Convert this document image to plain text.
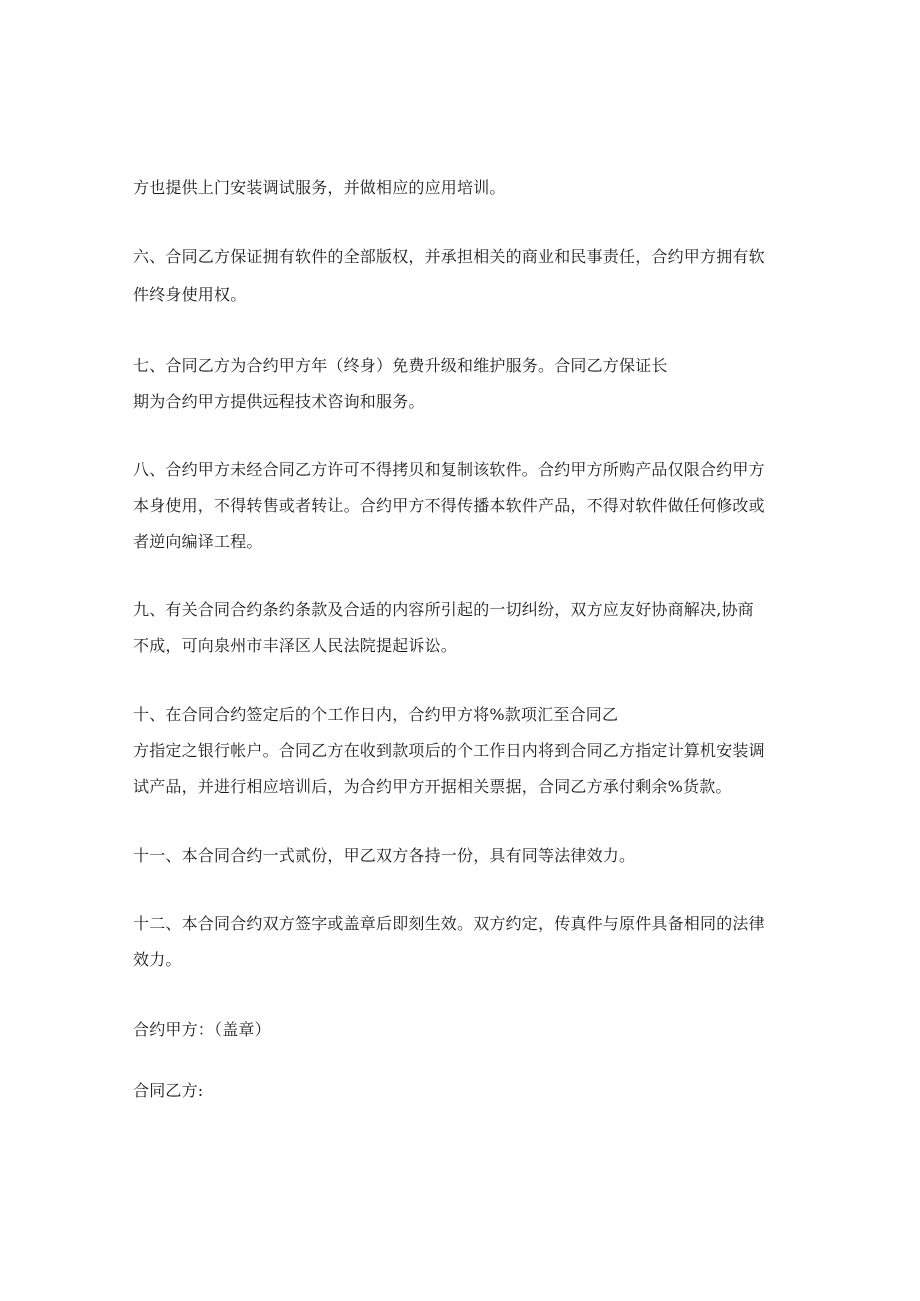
方也提供上门安装调试服务，并做相应的应用培训。
六、合同乙方保证拥有软件的全部版权，并承担相关的商业和民事责任，合约甲方拥有软
件终身使用权。
七、合同乙方为合约甲方年（终身）免费升级和维护服务。合同乙方保证长
期为合约甲方提供远程技术咨询和服务。
八、合约甲方未经合同乙方许可不得拷贝和复制该软件。合约甲方所购产品仅限合约甲方
本身使用，不得转售或者转让。合约甲方不得传播本软件产品，不得对软件做任何修改或
者逆向编译工程。
九、有关合同合约条约条款及合适的内容所引起的一切纠纷，双方应友好协商解决,协商
不成，可向泉州市丰泽区人民法院提起诉讼。
十、在合同合约签定后的个工作日内，合约甲方将%款项汇至合同乙
方指定之银行帐户。合同乙方在收到款项后的个工作日内将到合同乙方指定计算机安装调
试产品，并进行相应培训后，为合约甲方开据相关票据，合同乙方承付剩余%货款。
十一、本合同合约一式贰份，甲乙双方各持一份，具有同等法律效力。
十二、本合同合约双方签字或盖章后即刻生效。双方约定，传真件与原件具备相同的法律
效力。
合约甲方：（盖章）
合同乙方:
